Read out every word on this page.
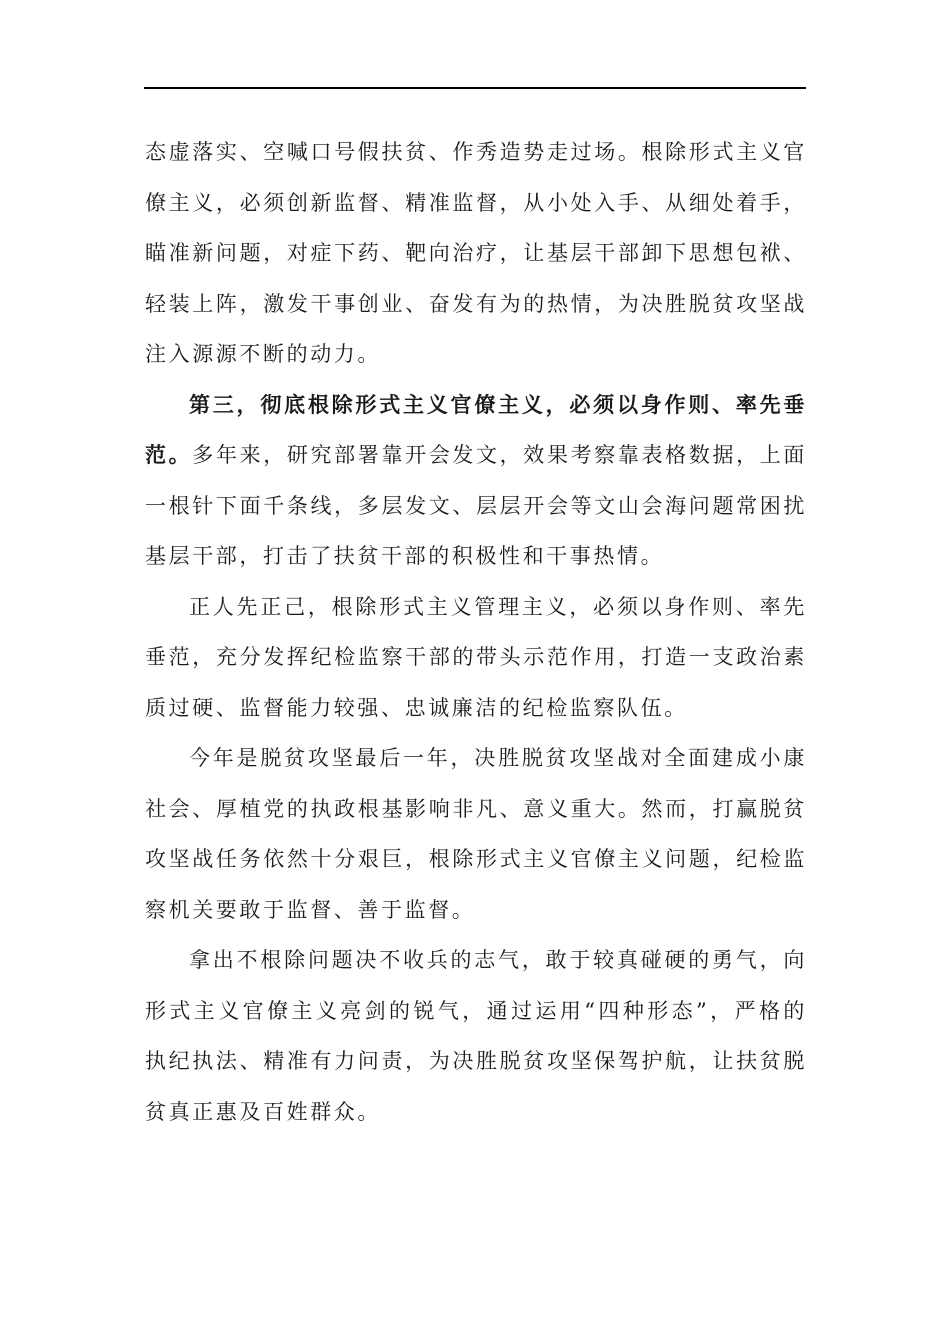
态虚落实、空喊口号假扶贫、作秀造势走过场。根除形式主义官僚主义，必须创新监督、精准监督，从小处入手、从细处着手，瞄准新问题，对症下药、靶向治疗，让基层干部卸下思想包袱、轻装上阵，激发干事创业、奋发有为的热情，为决胜脱贫攻坚战注入源源不断的动力。

第三，彻底根除形式主义官僚主义，必须以身作则、率先垂范。多年来，研究部署靠开会发文，效果考察靠表格数据，上面一根针下面千条线，多层发文、层层开会等文山会海问题常困扰基层干部，打击了扶贫干部的积极性和干事热情。

正人先正己，根除形式主义管理主义，必须以身作则、率先垂范，充分发挥纪检监察干部的带头示范作用，打造一支政治素质过硬、监督能力较强、忠诚廉洁的纪检监察队伍。

今年是脱贫攻坚最后一年，决胜脱贫攻坚战对全面建成小康社会、厚植党的执政根基影响非凡、意义重大。然而，打赢脱贫攻坚战任务依然十分艰巨，根除形式主义官僚主义问题，纪检监察机关要敢于监督、善于监督。

拿出不根除问题决不收兵的志气，敢于较真碰硬的勇气，向形式主义官僚主义亮剑的锐气，通过运用“四种形态”，严格的执纪执法、精准有力问责，为决胜脱贫攻坚保驾护航，让扶贫脱贫真正惠及百姓群众。
